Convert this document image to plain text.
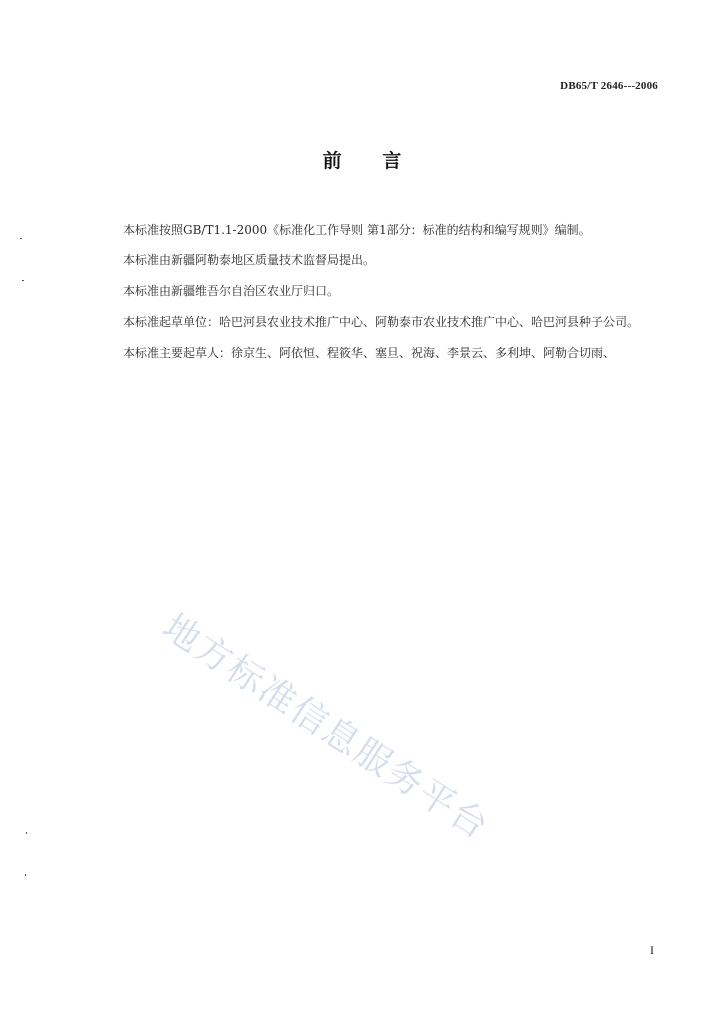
DB65/T 2646---2006
前 言
本标准按照GB/T1.1-2000《标准化工作导则 第1部分：标准的结构和编写规则》编制。
本标准由新疆阿勒泰地区质量技术监督局提出。
本标准由新疆维吾尔自治区农业厅归口。
本标准起草单位：哈巴河县农业技术推广中心、阿勒泰市农业技术推广中心、哈巴河县种子公司。
本标准主要起草人：徐京生、阿依恒、程筱华、塞旦、祝海、李景云、多利坤、阿勒合切雨、
地方标准信息服务平台
I
